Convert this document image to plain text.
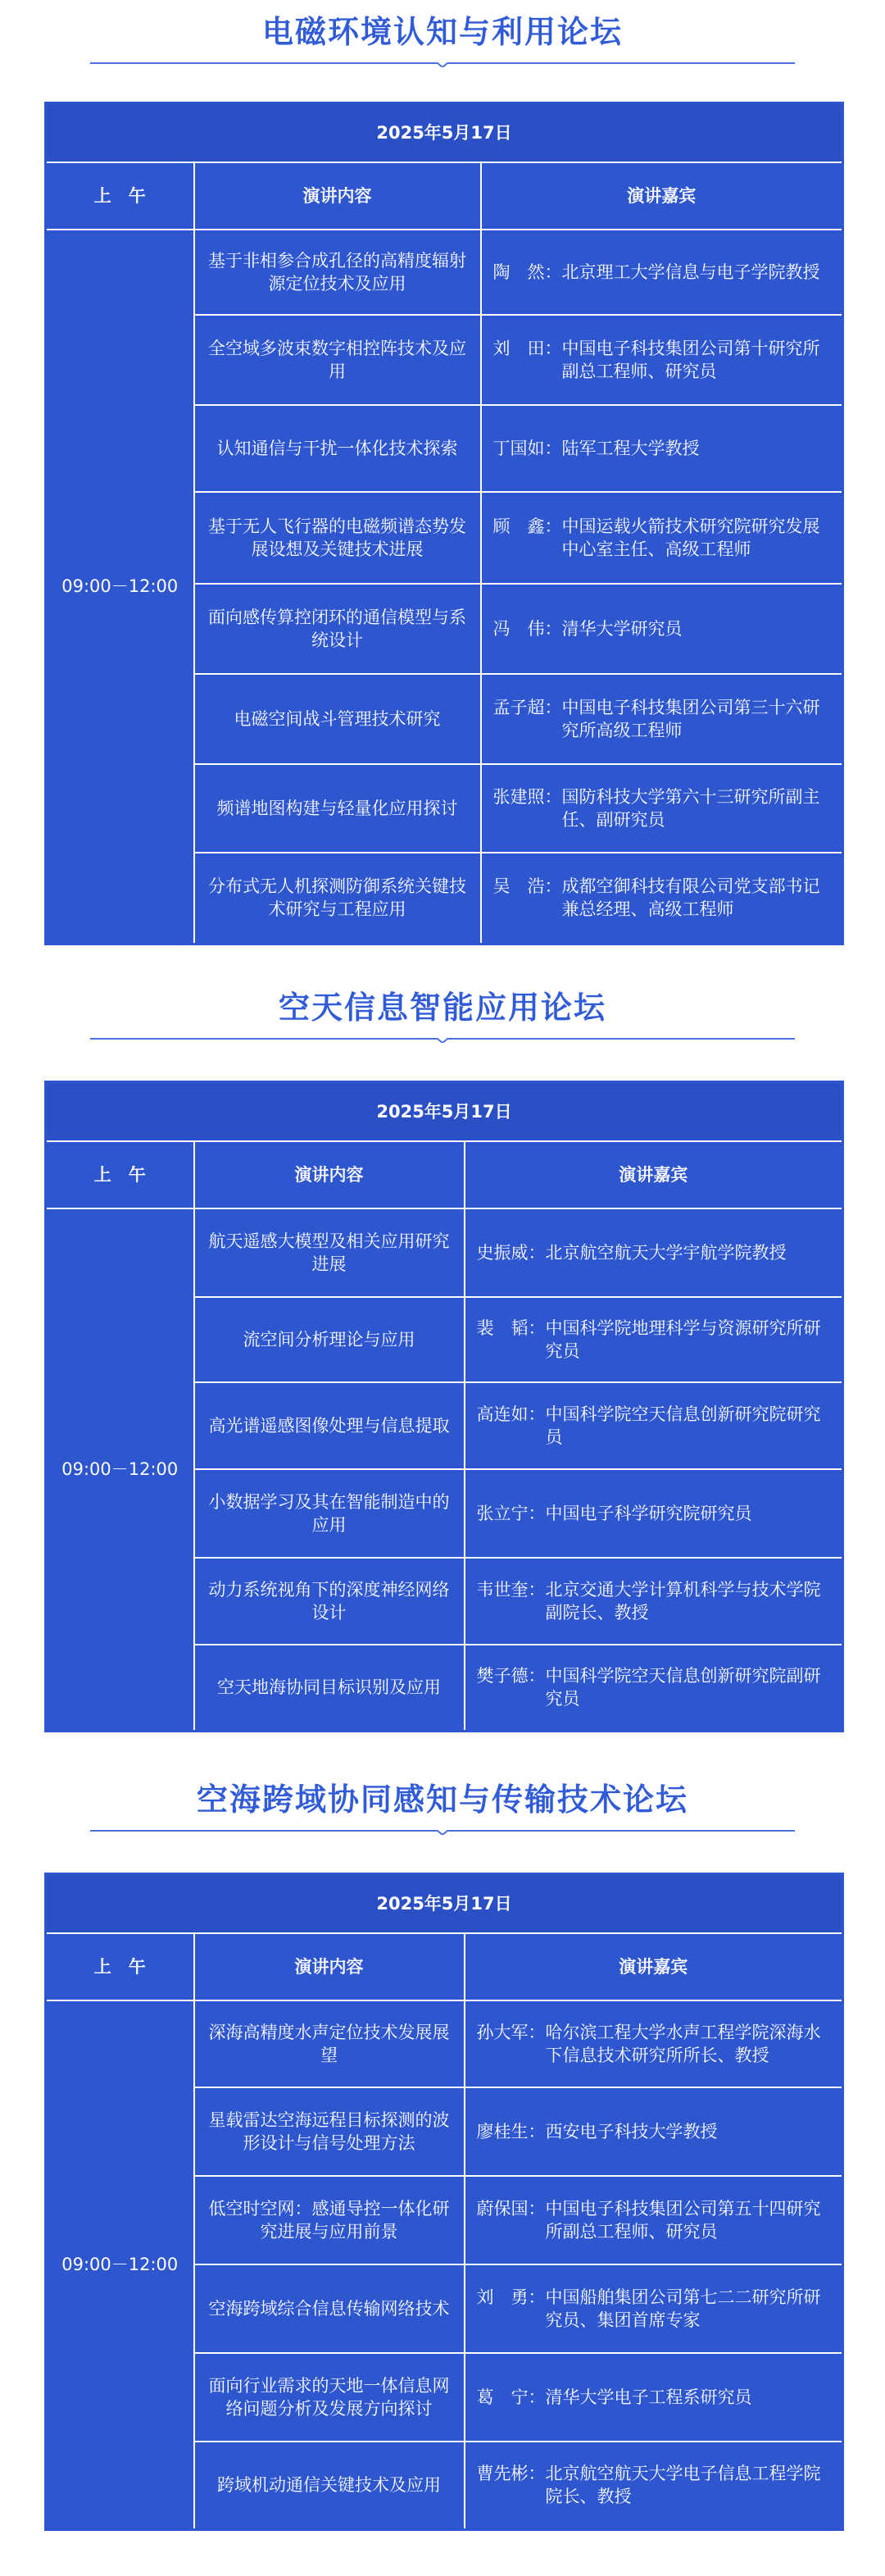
电磁环境认知与利用论坛
2025年5月17日		
上　午	演讲内容	演讲嘉宾
09:00－12:00	基于非相参合成孔径的高精度辐射源定位技术及应用	陶　然： 北京理工大学信息与电子学院教授

	全空域多波束数字相控阵技术及应用	刘　田： 中国电子科技集团公司第十研究所副总工程师、研究员

	认知通信与干扰一体化技术探索	丁国如： 陆军工程大学教授

	基于无人飞行器的电磁频谱态势发展设想及关键技术进展	顾　鑫： 中国运载火箭技术研究院研究发展中心室主任、高级工程师

	面向感传算控闭环的通信模型与系统设计	冯　伟： 清华大学研究员

	电磁空间战斗管理技术研究	孟子超： 中国电子科技集团公司第三十六研究所高级工程师

	频谱地图构建与轻量化应用探讨	张建照： 国防科技大学第六十三研究所副主任、副研究员

	分布式无人机探测防御系统关键技术研究与工程应用	吴　浩： 成都空御科技有限公司党支部书记兼总经理、高级工程师
空天信息智能应用论坛
2025年5月17日		
上　午	演讲内容	演讲嘉宾
09:00－12:00	航天遥感大模型及相关应用研究进展	史振威： 北京航空航天大学宇航学院教授

	流空间分析理论与应用	裴　韬： 中国科学院地理科学与资源研究所研究员

	高光谱遥感图像处理与信息提取	高连如： 中国科学院空天信息创新研究院研究员

	小数据学习及其在智能制造中的应用	张立宁： 中国电子科学研究院研究员

	动力系统视角下的深度神经网络设计	韦世奎： 北京交通大学计算机科学与技术学院副院长、教授

	空天地海协同目标识别及应用	樊子德： 中国科学院空天信息创新研究院副研究员
空海跨域协同感知与传输技术论坛
2025年5月17日		
上　午	演讲内容	演讲嘉宾
09:00－12:00	深海高精度水声定位技术发展展望	孙大军： 哈尔滨工程大学水声工程学院深海水下信息技术研究所所长、教授

	星载雷达空海远程目标探测的波形设计与信号处理方法	廖桂生： 西安电子科技大学教授

	低空时空网：感通导控一体化研究进展与应用前景	蔚保国： 中国电子科技集团公司第五十四研究所副总工程师、研究员

	空海跨域综合信息传输网络技术	刘　勇： 中国船舶集团公司第七二二研究所研究员、集团首席专家

	面向行业需求的天地一体信息网络问题分析及发展方向探讨	葛　宁： 清华大学电子工程系研究员

	跨域机动通信关键技术及应用	曹先彬： 北京航空航天大学电子信息工程学院院长、教授
